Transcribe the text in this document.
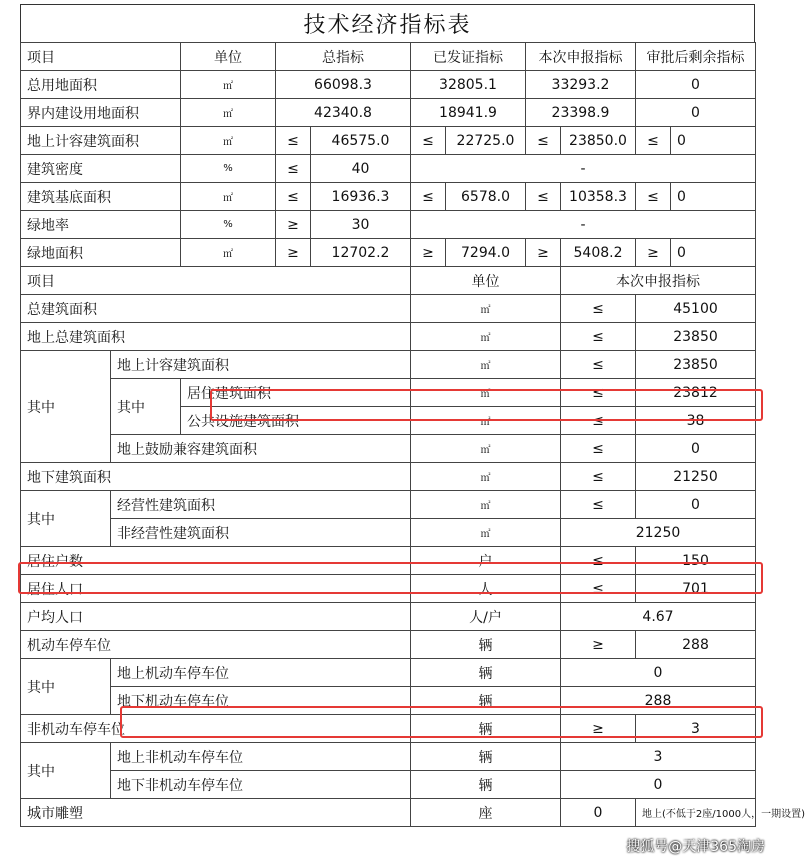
技术经济指标表
项目		单位	总指标		已发证指标		本次申报指标		审批后剩余指标	
总用地面积		㎡	66098.3		32805.1		33293.2		0	
界内建设用地面积		㎡	42340.8		18941.9		23398.9		0	
地上计容建筑面积		㎡	≤	46575.0	≤	22725.0	≤	23850.0	≤	0
建筑密度		%	≤	40	-					
建筑基底面积		㎡	≤	16936.3	≤	6578.0	≤	10358.3	≤	0
绿地率		%	≥	30	-					
绿地面积		㎡	≥	12702.2	≥	7294.0	≥	5408.2	≥	0
项目					单位			本次申报指标		
总建筑面积					㎡			≤	45100	
地上总建筑面积					㎡			≤	23850	
其中	地上计容建筑面积				㎡			≤	23850	
	其中	居住建筑面积			㎡			≤	23812	
		公共设施建筑面积			㎡			≤	38	
	地上鼓励兼容建筑面积				㎡			≤	0	
地下建筑面积					㎡			≤	21250	
其中	经营性建筑面积				㎡			≤	0	
	非经营性建筑面积				㎡			21250		
居住户数					户			≤	150	
居住人口					人			≤	701	
户均人口					人/户			4.67		
机动车停车位					辆			≥	288	
其中	地上机动车停车位				辆			0		
	地下机动车停车位				辆			288		
非机动车停车位					辆			≥	3	
其中	地上非机动车停车位				辆			3		
	地下非机动车停车位				辆			0		
城市雕塑					座			0	地上(不低于2座/1000人，一期设置)	
搜狐号@天津365淘房
